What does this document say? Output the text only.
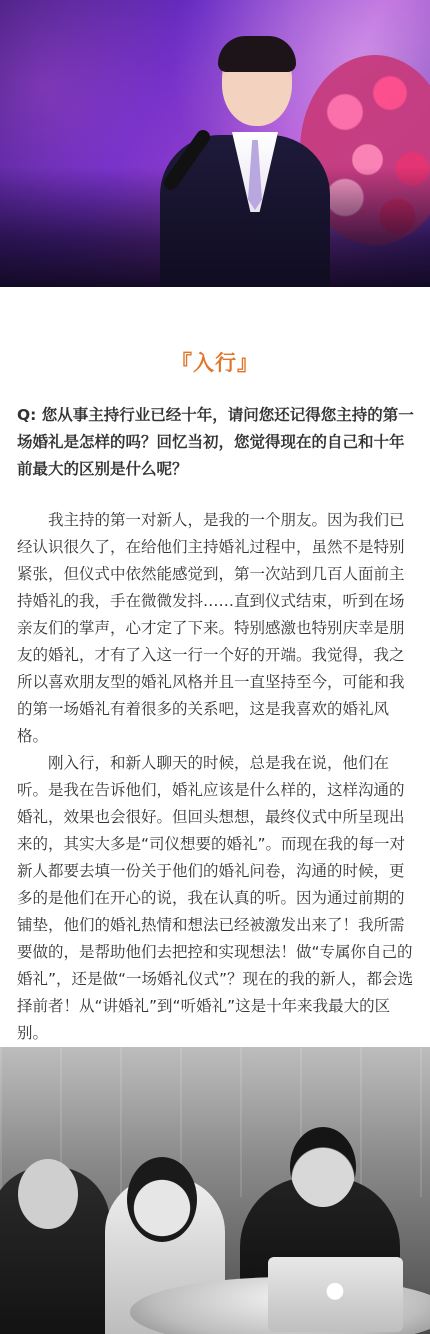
『入行』
Q: 您从事主持行业已经十年，请问您还记得您主持的第一场婚礼是怎样的吗？回忆当初，您觉得现在的自己和十年前最大的区别是什么呢？

我主持的第一对新人，是我的一个朋友。因为我们已经认识很久了，在给他们主持婚礼过程中，虽然不是特别紧张，但仪式中依然能感觉到，第一次站到几百人面前主持婚礼的我，手在微微发抖……直到仪式结束，听到在场亲友们的掌声，心才定了下来。特别感激也特别庆幸是朋友的婚礼，才有了入这一行一个好的开端。我觉得，我之所以喜欢朋友型的婚礼风格并且一直坚持至今，可能和我的第一场婚礼有着很多的关系吧，这是我喜欢的婚礼风格。

刚入行，和新人聊天的时候，总是我在说，他们在听。是我在告诉他们，婚礼应该是什么样的，这样沟通的婚礼，效果也会很好。但回头想想，最终仪式中所呈现出来的，其实大多是“司仪想要的婚礼”。而现在我的每一对新人都要去填一份关于他们的婚礼问卷，沟通的时候，更多的是他们在开心的说，我在认真的听。因为通过前期的铺垫，他们的婚礼热情和想法已经被激发出来了！我所需要做的，是帮助他们去把控和实现想法！做“专属你自己的婚礼”，还是做“一场婚礼仪式”？现在的我的新人，都会选择前者！从“讲婚礼”到“听婚礼”这是十年来我最大的区别。

●
